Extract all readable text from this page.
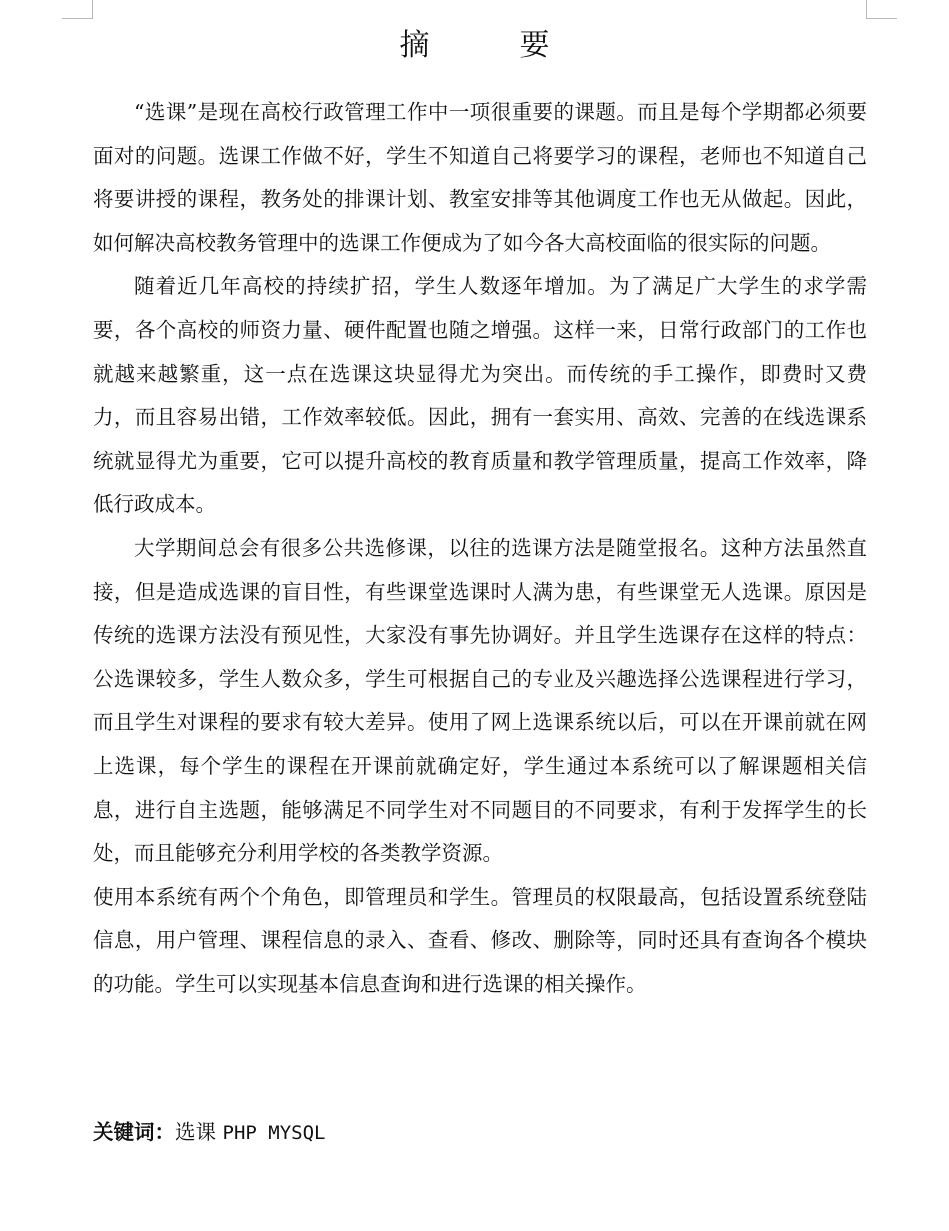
摘　要

“选课”是现在高校行政管理工作中一项很重要的课题。而且是每个学期都必须要面对的问题。选课工作做不好，学生不知道自己将要学习的课程，老师也不知道自己将要讲授的课程，教务处的排课计划、教室安排等其他调度工作也无从做起。因此，如何解决高校教务管理中的选课工作便成为了如今各大高校面临的很实际的问题。

随着近几年高校的持续扩招，学生人数逐年增加。为了满足广大学生的求学需要，各个高校的师资力量、硬件配置也随之增强。这样一来，日常行政部门的工作也就越来越繁重，这一点在选课这块显得尤为突出。而传统的手工操作，即费时又费力，而且容易出错，工作效率较低。因此，拥有一套实用、高效、完善的在线选课系统就显得尤为重要，它可以提升高校的教育质量和教学管理质量，提高工作效率，降低行政成本。

大学期间总会有很多公共选修课，以往的选课方法是随堂报名。这种方法虽然直接，但是造成选课的盲目性，有些课堂选课时人满为患，有些课堂无人选课。原因是传统的选课方法没有预见性，大家没有事先协调好。并且学生选课存在这样的特点：公选课较多，学生人数众多，学生可根据自己的专业及兴趣选择公选课程进行学习，而且学生对课程的要求有较大差异。使用了网上选课系统以后，可以在开课前就在网上选课，每个学生的课程在开课前就确定好，学生通过本系统可以了解课题相关信息，进行自主选题，能够满足不同学生对不同题目的不同要求，有利于发挥学生的长处，而且能够充分利用学校的各类教学资源。

使用本系统有两个个角色，即管理员和学生。管理员的权限最高，包括设置系统登陆信息，用户管理、课程信息的录入、查看、修改、删除等，同时还具有查询各个模块的功能。学生可以实现基本信息查询和进行选课的相关操作。

关键词：选课 PHP MYSQL
